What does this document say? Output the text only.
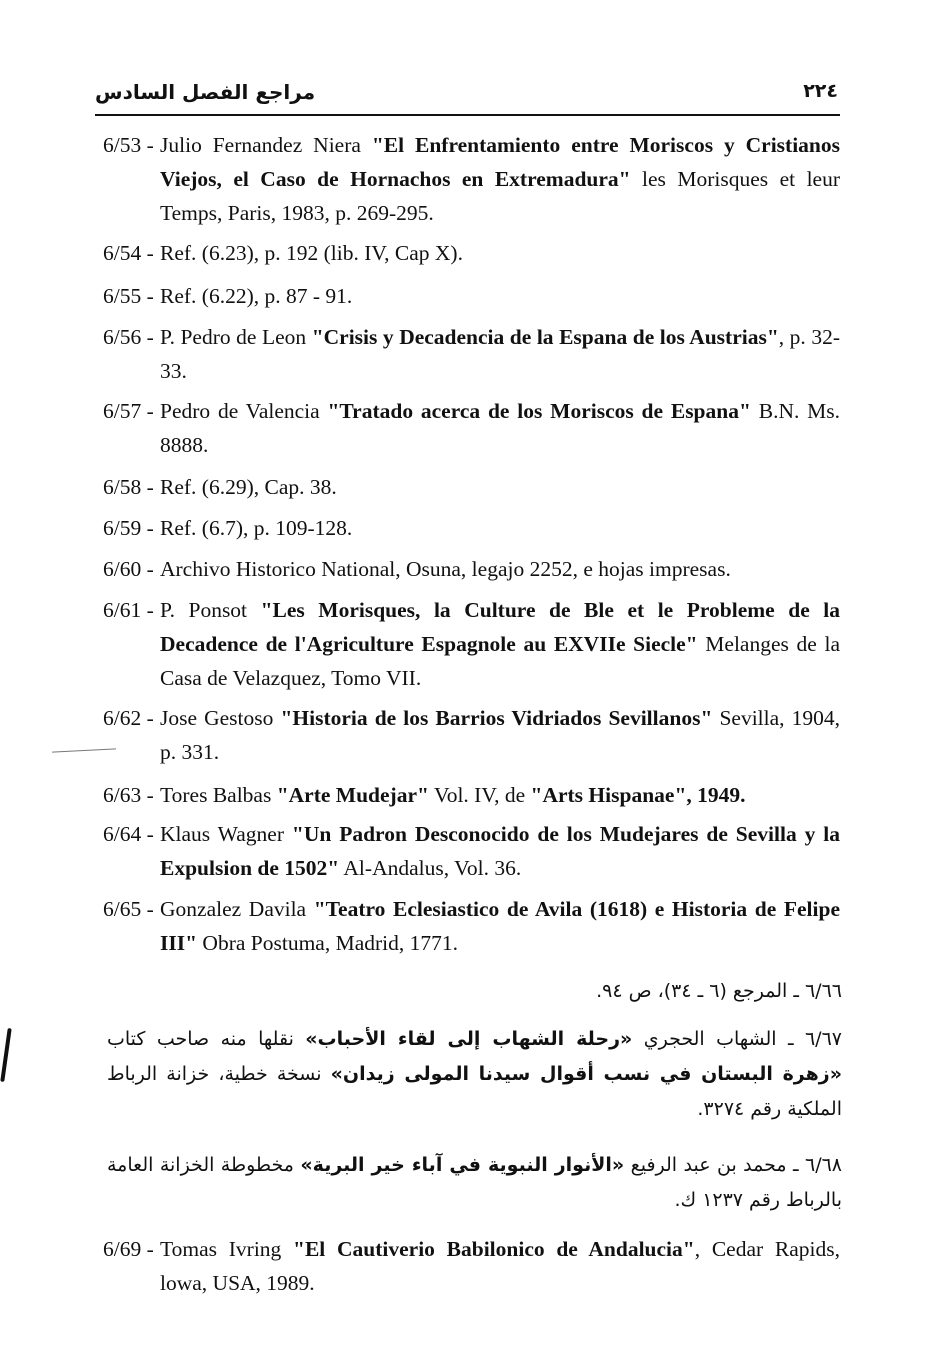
مراجع الفصل السادس	٢٢٤
Julio Fernandez Niera "El Enfrentamiento entre Moriscos y Cristianos Viejos, el Caso de Hornachos en Extremadura" les Morisques et leur Temps, Paris, 1983, p. 269-295.
6/53 -
Ref. (6.23), p. 192 (lib. IV, Cap X).
6/54 -
Ref. (6.22), p. 87 - 91.
6/55 -
P. Pedro de Leon "Crisis y Decadencia de la Espana de los Austrias", p. 32-33.
6/56 -
Pedro de Valencia "Tratado acerca de los Moriscos de Espana" B.N. Ms. 8888.
6/57 -
Ref. (6.29), Cap. 38.
6/58 -
Ref. (6.7), p. 109-128.
6/59 -
Archivo Historico National, Osuna, legajo 2252, e hojas impresas.
6/60 -
P. Ponsot "Les Morisques, la Culture de Ble et le Probleme de la Decadence de l'Agriculture Espagnole au EXVIIe Siecle" Melanges de la Casa de Velazquez, Tomo VII.
6/61 -
Jose Gestoso "Historia de los Barrios Vidriados Sevillanos" Sevilla, 1904, p. 331.
6/62 -
Tores Balbas "Arte Mudejar" Vol. IV, de "Arts Hispanae", 1949.
6/63 -
Klaus Wagner "Un Padron Desconocido de los Mudejares de Sevilla y la Expulsion de 1502" Al-Andalus, Vol. 36.
6/64 -
Gonzalez Davila "Teatro Eclesiastico de Avila (1618) e Historia de Felipe III" Obra Postuma, Madrid, 1771.
6/65 -
٦/٦٦ ـ المرجع (٦ ـ ٣٤)، ص ٩٤.
٦/٦٧ ـ الشهاب الحجري «رحلة الشهاب إلى لقاء الأحباب» نقلها منه صاحب كتاب «زهرة البستان في نسب أقوال سيدنا المولى زيدان» نسخة خطية، خزانة الرباط الملكية رقم ٣٢٧٤.
٦/٦٨ ـ محمد بن عبد الرفيع «الأنوار النبوية في آباء خير البرية» مخطوطة الخزانة العامة بالرباط رقم ١٢٣٧ ك.
Tomas Ivring "El Cautiverio Babilonico de Andalucia", Cedar Rapids, lowa, USA, 1989.
6/69 -
